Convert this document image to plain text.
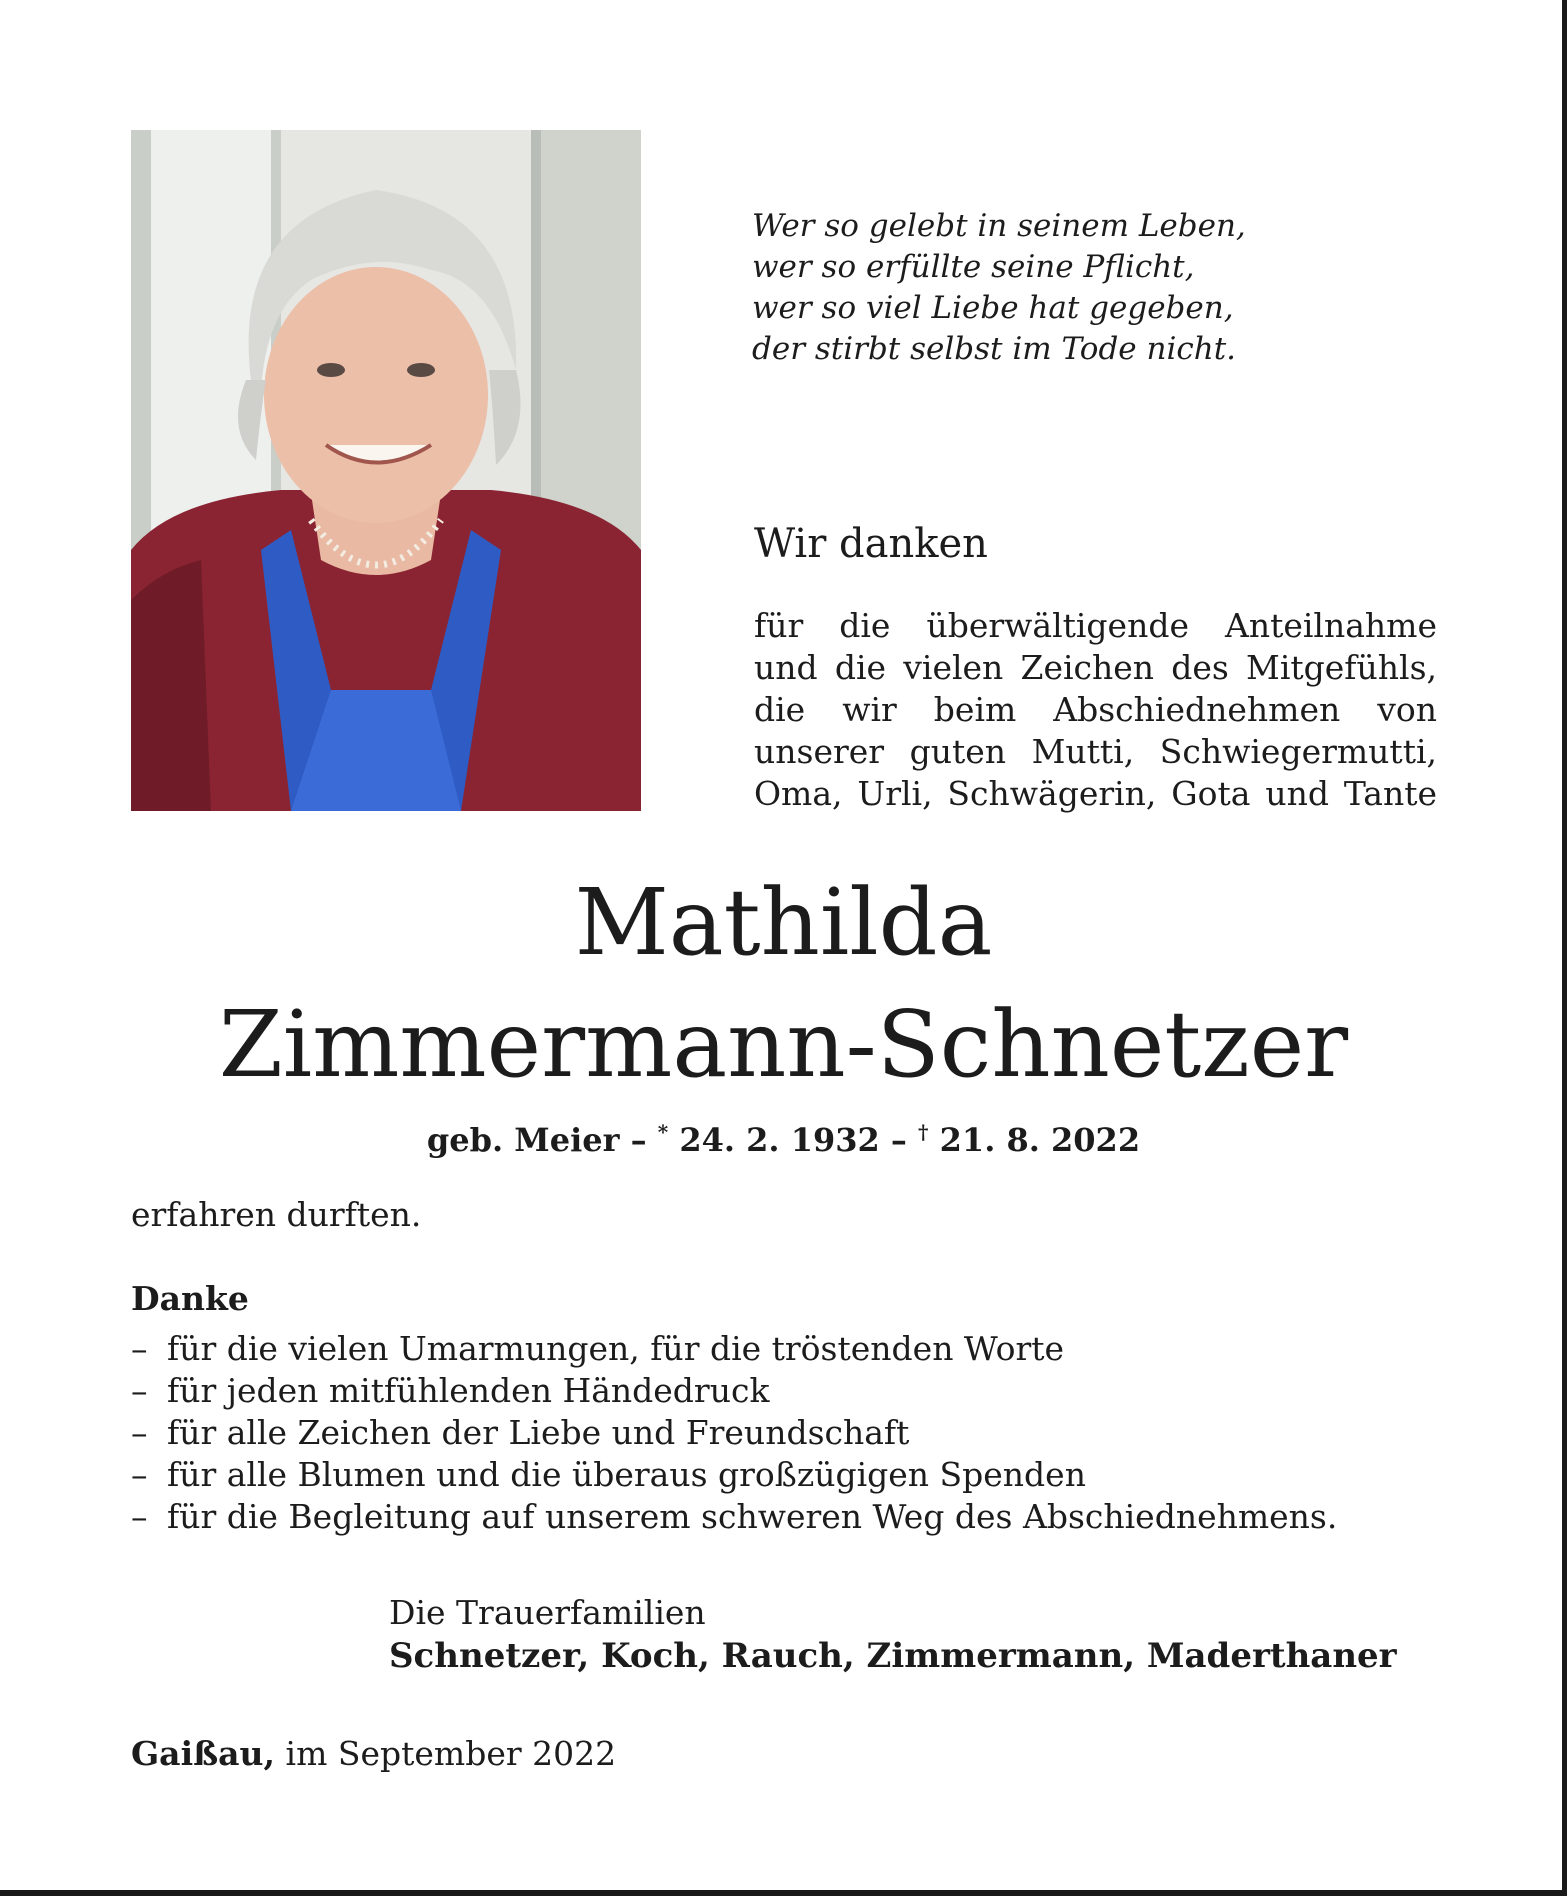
Wer so gelebt in seinem Leben,
wer so erfüllte seine Pflicht,
wer so viel Liebe hat gegeben,
der stirbt selbst im Tode nicht.
Wir danken
für die überwältigende Anteilnahme
und die vielen Zeichen des Mitgefühls,
die wir beim Abschiednehmen von
unserer guten Mutti, Schwiegermutti,
Oma, Urli, Schwägerin, Gota und Tante
Mathilda
Zimmermann-Schnetzer
geb. Meier – * 24. 2. 1932 – † 21. 8. 2022
erfahren durften.
Danke
– für die vielen Umarmungen, für die tröstenden Worte
– für jeden mitfühlenden Händedruck
– für alle Zeichen der Liebe und Freundschaft
– für alle Blumen und die überaus großzügigen Spenden
– für die Begleitung auf unserem schweren Weg des Abschiednehmens.
Die Trauerfamilien
Schnetzer, Koch, Rauch, Zimmermann, Maderthaner
Gaißau, im September 2022
